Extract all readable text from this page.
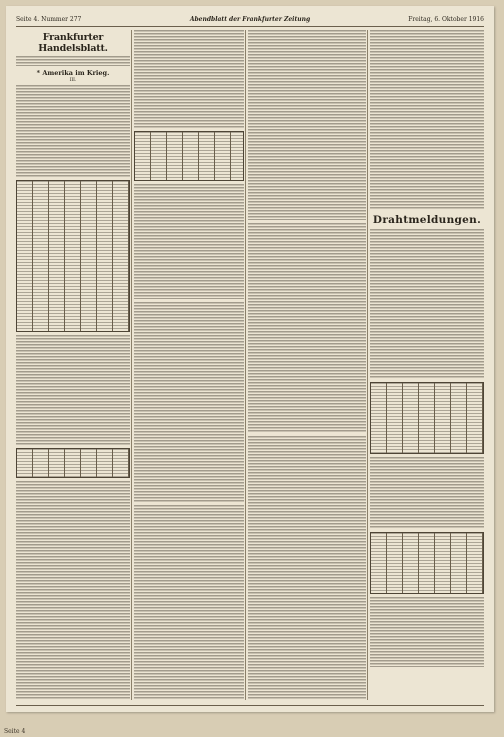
Seite 4. Nummer 277	Abendblatt der Frankfurter Zeitung	Freitag, 6. Oktober 1916
Frankfurter Handelsblatt.
* Amerika im Krieg.
III.
Drahtmeldungen.
Seite 4
